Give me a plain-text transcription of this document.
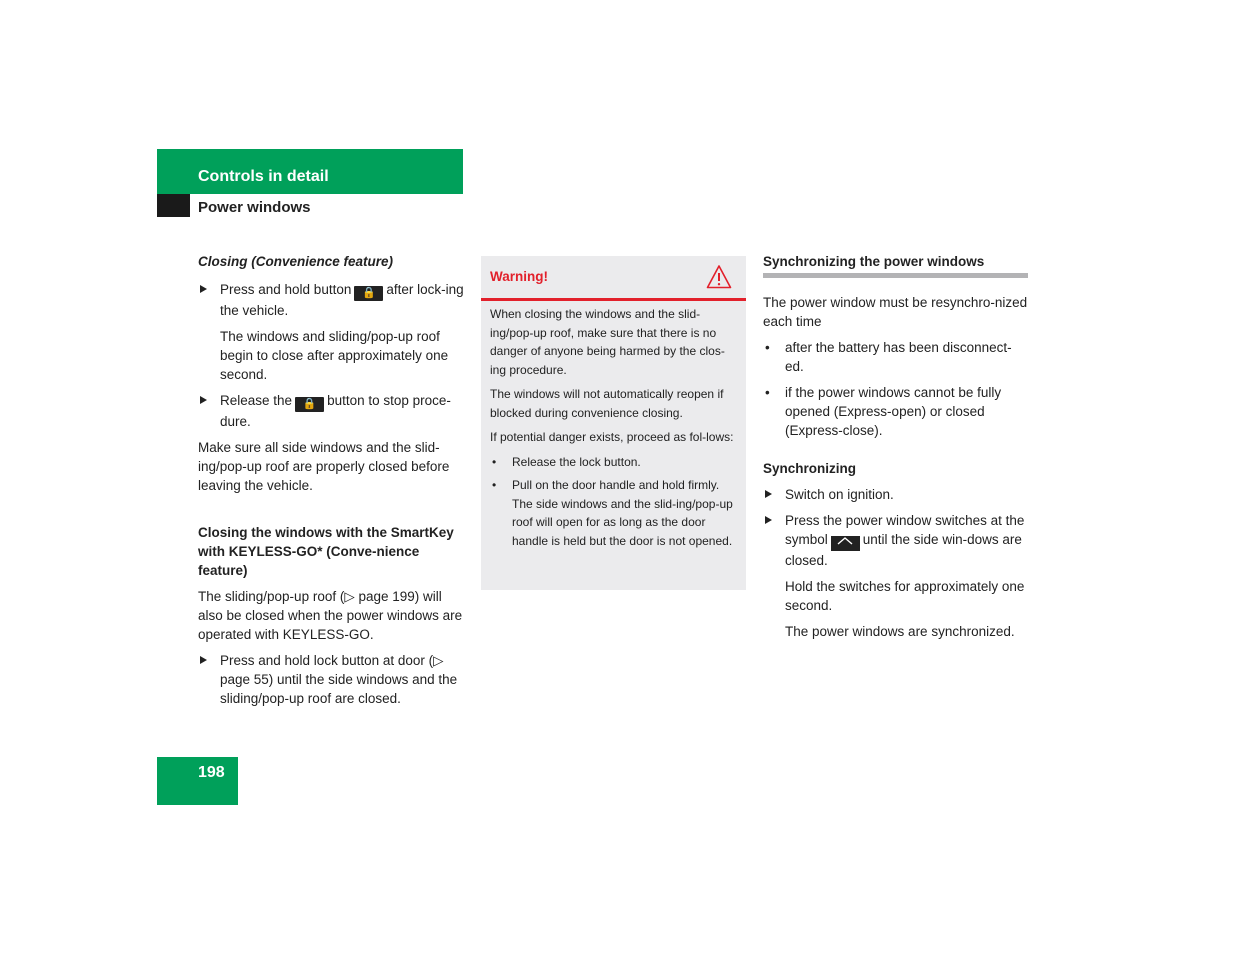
Controls in detail
Power windows

Closing (Convenience feature)

Press and hold button 🔒 after lock-ing the vehicle.

The windows and sliding/pop-up roof begin to close after approximately one second.

Release the 🔒 button to stop proce-dure.

Make sure all side windows and the slid-ing/pop-up roof are properly closed before leaving the vehicle.

Closing the windows with the SmartKey with KEYLESS-GO* (Conve-nience feature)

The sliding/pop-up roof (▷ page 199) will also be closed when the power windows are operated with KEYLESS-GO.

Press and hold lock button at door (▷ page 55) until the side windows and the sliding/pop-up roof are closed.
Warning!

When closing the windows and the slid-ing/pop-up roof, make sure that there is no danger of anyone being harmed by the clos-ing procedure.

The windows will not automatically reopen if blocked during convenience closing.

If potential danger exists, proceed as fol-lows:

• Release the lock button.
• Pull on the door handle and hold firmly. The side windows and the slid-ing/pop-up roof will open for as long as the door handle is held but the door is not opened.

Synchronizing the power windows

The power window must be resynchro-nized each time

• after the battery has been disconnect-ed.
• if the power windows cannot be fully opened (Express-open) or closed (Express-close).

Synchronizing

Switch on ignition.
Press the power window switches at the symbol	until the side win-dows are closed.

Hold the switches for approximately one second.

The power windows are synchronized.

198
